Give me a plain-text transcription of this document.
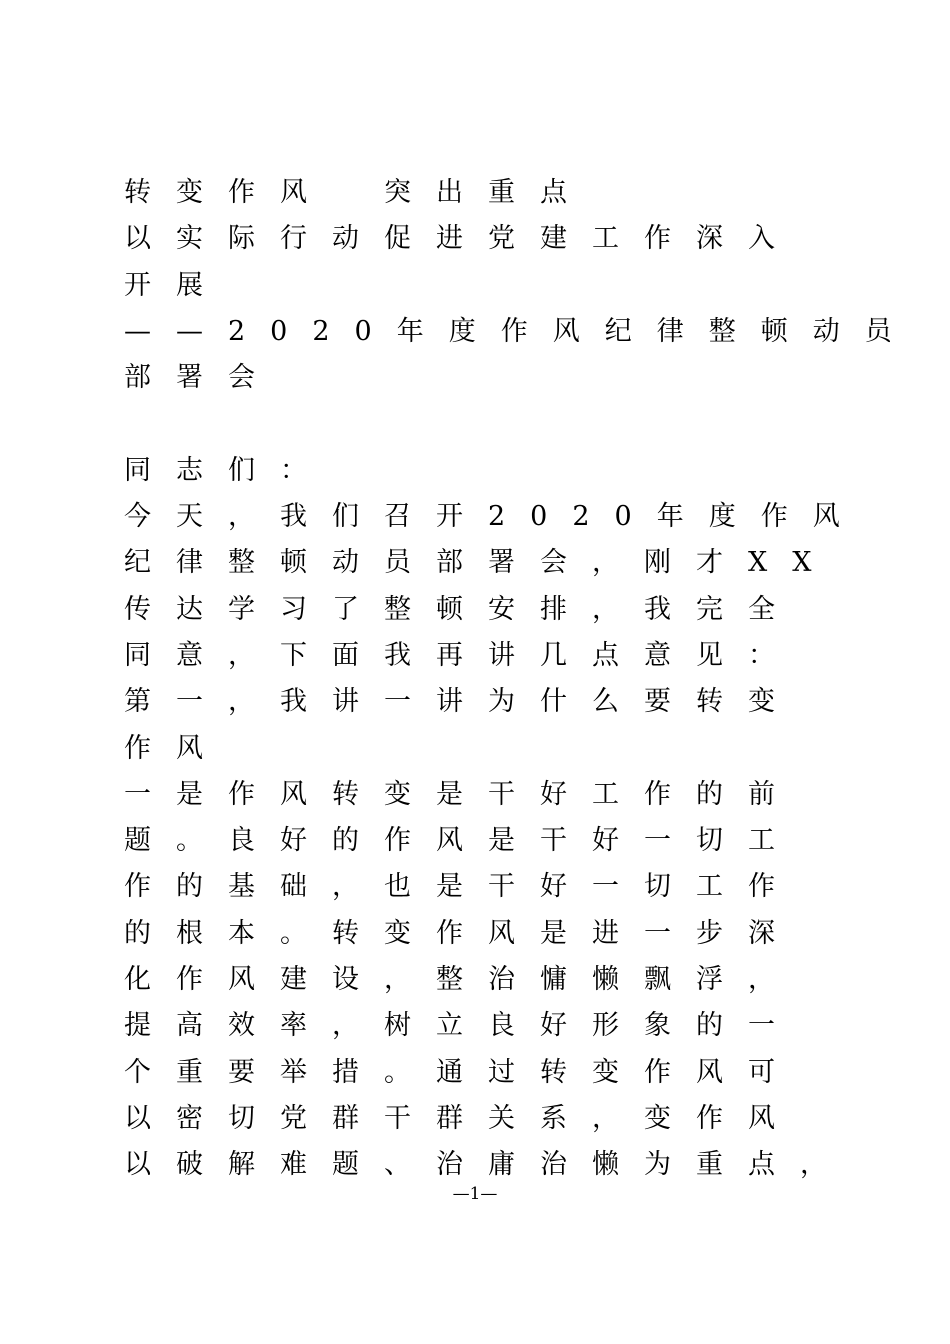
转变作风　突出重点
以实际行动促进党建工作深入
开展
——2020年度作风纪律整顿动员
部署会
同志们：
今天，我们召开2020年度作风
纪律整顿动员部署会，刚才XX
传达学习了整顿安排，我完全
同意，下面我再讲几点意见：
第一，我讲一讲为什么要转变
作风
一是作风转变是干好工作的前
题。良好的作风是干好一切工
作的基础，也是干好一切工作
的根本。转变作风是进一步深
化作风建设，整治慵懒飘浮，
提高效率，树立良好形象的一
个重要举措。通过转变作风可
以密切党群干群关系，变作风
以破解难题、治庸治懒为重点，
—1—
